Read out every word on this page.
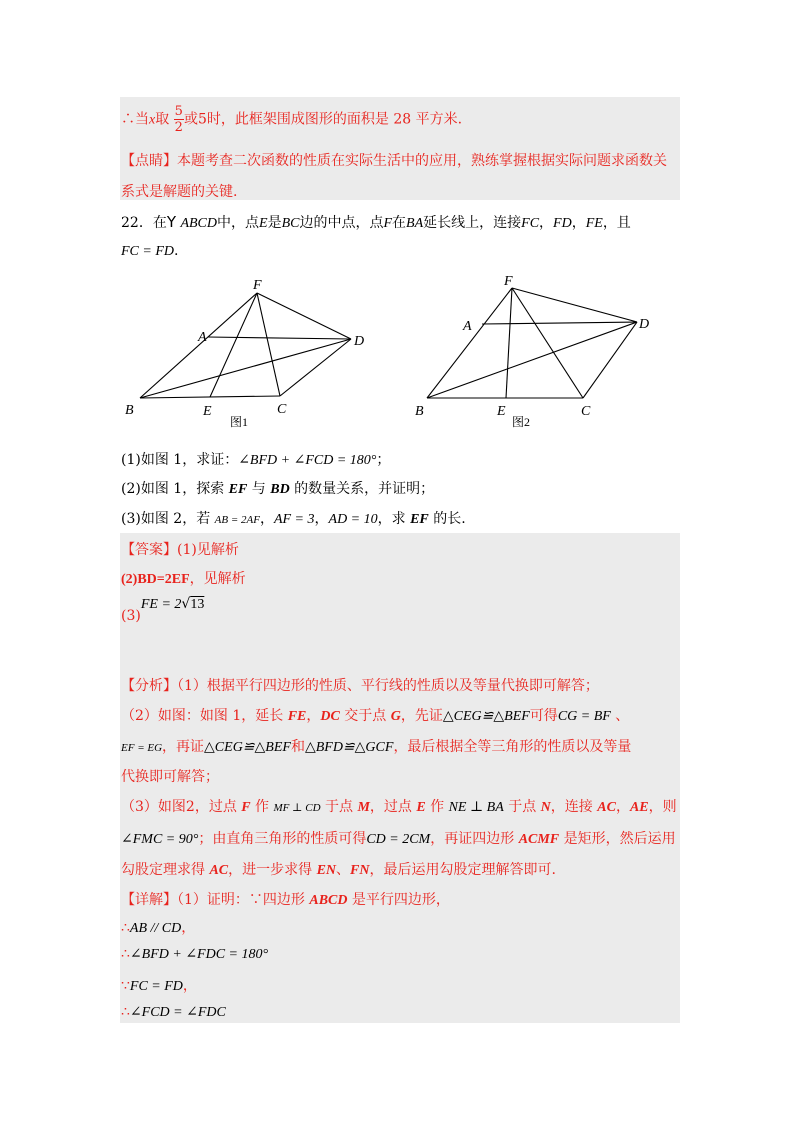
∴当x取 $\frac{5}{2}$ 或5时，此框架围成图形的面积是 28 平方米.
【点睛】本题考查二次函数的性质在实际生活中的应用，熟练掌握根据实际问题求函数关
系式是解题的关键.
22．在Y ABCD中，点E是BC边的中点，点F在BA延长线上，连接FC，FD，FE，且
FC = FD.
F
A	D
B	E	C
图1
F
A	D
B	E	C
图2
(1)如图 1，求证：∠BFD + ∠FCD = 180°；
(2)如图 1，探索 EF 与 BD 的数量关系，并证明；
(3)如图 2，若 AB = 2AF，AF = 3，AD = 10，求 EF 的长.
【答案】(1)见解析
(2)BD=2EF，见解析
(3)FE = 2√13
【分析】（1）根据平行四边形的性质、平行线的性质以及等量代换即可解答；
（2）如图：如图 1，延长 FE，DC 交于点 G，先证△CEG≌△BEF可得CG = BF 、
EF = EG，再证△CEG≌△BEF和△BFD≌△GCF，最后根据全等三角形的性质以及等量
代换即可解答；
（3）如图2，过点 F 作 MF ⊥ CD 于点 M，过点 E 作 NE ⊥ BA 于点 N，连接 AC，AE，则
∠FMC = 90°；由直角三角形的性质可得CD = 2CM，再证四边形 ACMF 是矩形，然后运用
勾股定理求得 AC，进一步求得 EN、FN，最后运用勾股定理解答即可.
【详解】（1）证明：∵四边形 ABCD 是平行四边形，
∴AB // CD，
∴∠BFD + ∠FDC = 180°
∵FC = FD，
∴∠FCD = ∠FDC
